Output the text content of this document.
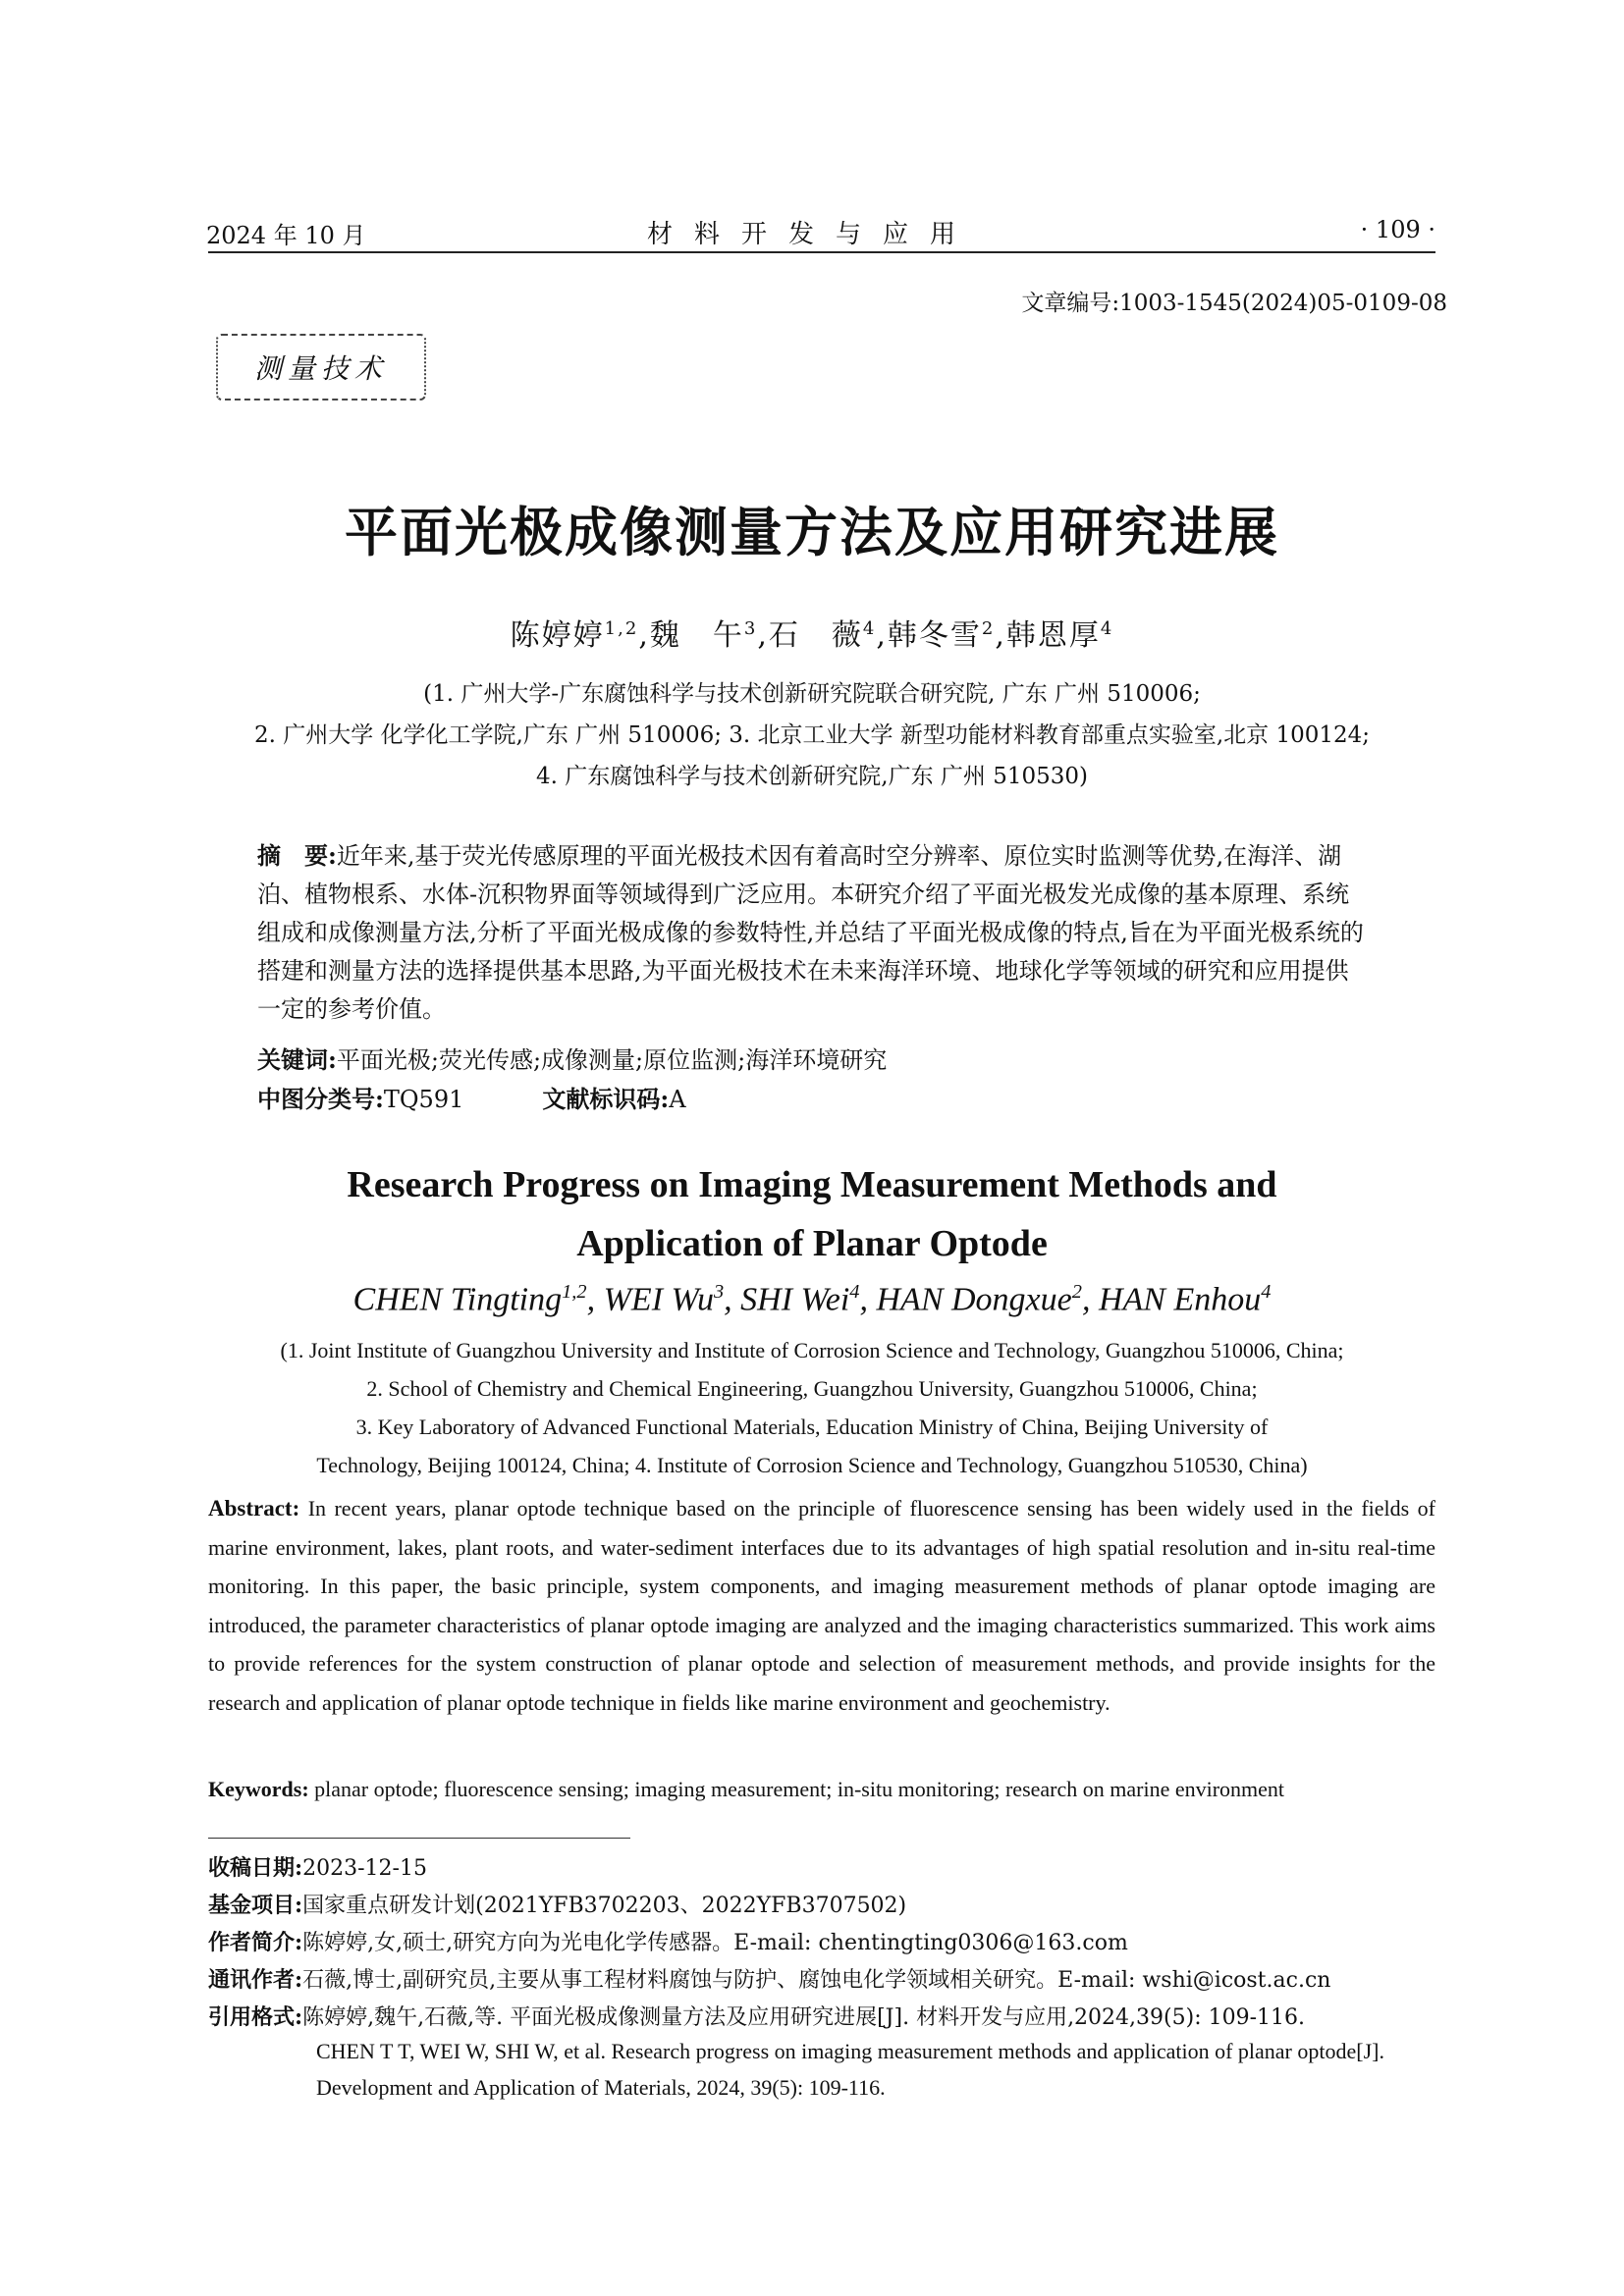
2024 年 10 月	材料开发与应用	· 109 ·
文章编号:1003-1545(2024)05-0109-08
测量技术
平面光极成像测量方法及应用研究进展
陈婷婷$^{1,2}$,魏　午$^3$,石　薇$^4$,韩冬雪$^2$,韩恩厚$^4$
(1. 广州大学-广东腐蚀科学与技术创新研究院联合研究院, 广东 广州 510006;
2. 广州大学 化学化工学院,广东 广州 510006; 3. 北京工业大学 新型功能材料教育部重点实验室,北京 100124;
4. 广东腐蚀科学与技术创新研究院,广东 广州 510530)
摘　要:近年来,基于荧光传感原理的平面光极技术因有着高时空分辨率、原位实时监测等优势,在海洋、湖泊、植物根系、水体-沉积物界面等领域得到广泛应用。本研究介绍了平面光极发光成像的基本原理、系统组成和成像测量方法,分析了平面光极成像的参数特性,并总结了平面光极成像的特点,旨在为平面光极系统的搭建和测量方法的选择提供基本思路,为平面光极技术在未来海洋环境、地球化学等领域的研究和应用提供一定的参考价值。
关键词:平面光极;荧光传感;成像测量;原位监测;海洋环境研究
中图分类号:TQ591	文献标识码:A
Research Progress on Imaging Measurement Methods and
Application of Planar Optode
CHEN Tingting$^{1,2}$, WEI Wu$^3$, SHI Wei$^4$, HAN Dongxue$^2$, HAN Enhou$^4$
(1. Joint Institute of Guangzhou University and Institute of Corrosion Science and Technology, Guangzhou 510006, China;
2. School of Chemistry and Chemical Engineering, Guangzhou University, Guangzhou 510006, China;
3. Key Laboratory of Advanced Functional Materials, Education Ministry of China, Beijing University of
Technology, Beijing 100124, China; 4. Institute of Corrosion Science and Technology, Guangzhou 510530, China)
Abstract: In recent years, planar optode technique based on the principle of fluorescence sensing has been widely used in the fields of marine environment, lakes, plant roots, and water-sediment interfaces due to its advantages of high spatial resolution and in-situ real-time monitoring. In this paper, the basic principle, system components, and imaging measurement methods of planar optode imaging are introduced, the parameter characteristics of planar optode imaging are analyzed and the imaging characteristics summarized. This work aims to provide references for the system construction of planar optode and selection of measurement methods, and provide insights for the research and application of planar optode technique in fields like marine environment and geochemistry.
Keywords: planar optode; fluorescence sensing; imaging measurement; in-situ monitoring; research on marine environment
收稿日期:2023-12-15
基金项目:国家重点研发计划(2021YFB3702203、2022YFB3707502)
作者简介:陈婷婷,女,硕士,研究方向为光电化学传感器。E-mail: chentingting0306@163.com
通讯作者:石薇,博士,副研究员,主要从事工程材料腐蚀与防护、腐蚀电化学领域相关研究。E-mail: wshi@icost.ac.cn
引用格式:陈婷婷,魏午,石薇,等. 平面光极成像测量方法及应用研究进展[J]. 材料开发与应用,2024,39(5): 109-116.
CHEN T T, WEI W, SHI W, et al. Research progress on imaging measurement methods and application of planar optode[J]. Development and Application of Materials, 2024, 39(5): 109-116.
